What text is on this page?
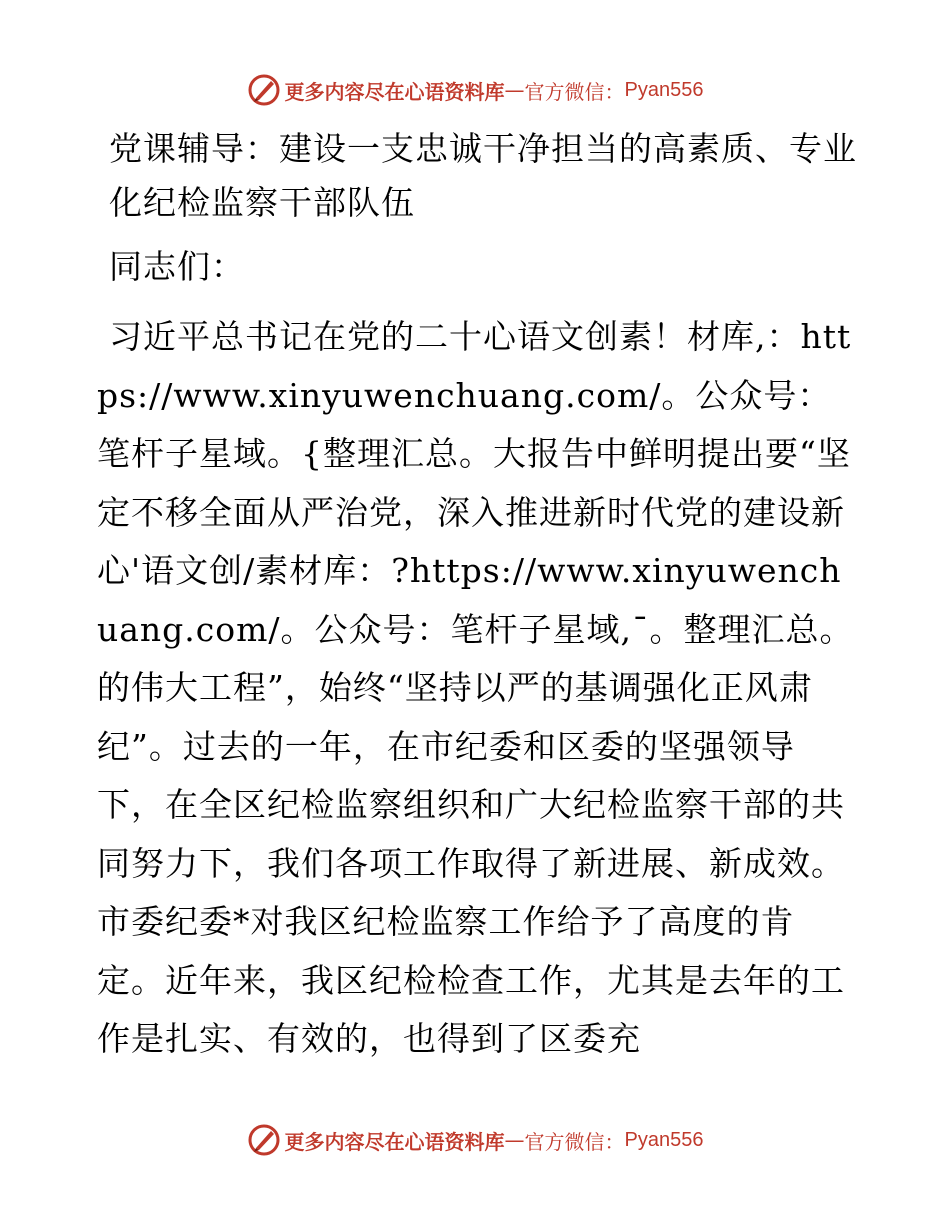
更多内容尽在心语资料库 — 官方微信： Pyan556
党课辅导：建设一支忠诚干净担当的高素质、专业化纪检监察干部队伍

同志们：

习近平总书记在党的二十心语文创素！材库,：https://www.xinyuwenchuang.com/。公众号：笔杆子星域。{整理汇总。大报告中鲜明提出要“坚定不移全面从严治党，深入推进新时代党的建设新心'语文创/素材库：?https://www.xinyuwenchuang.com/。公众号：笔杆子星域,¯。整理汇总。的伟大工程”，始终“坚持以严的基调强化正风肃纪”。过去的一年，在市纪委和区委的坚强领导下，在全区纪检监察组织和广大纪检监察干部的共同努力下，我们各项工作取得了新进展、新成效。市委纪委*对我区纪检监察工作给予了高度的肯定。近年来，我区纪检检查工作，尤其是去年的工作是扎实、有效的，也得到了区委充

更多内容尽在心语资料库 — 官方微信： Pyan556
